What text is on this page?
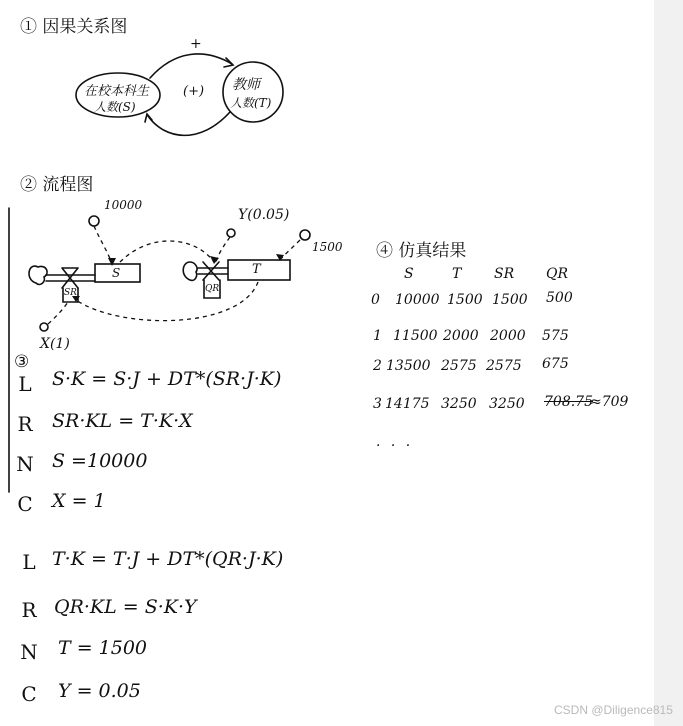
① 因果关系图
② 流程图
③
④ 仿真结果
在校本科生
人数(S)
教师
人数(T)
+
(+)
S	T
SR	QR
10000
1500
Y(0.05)
X(1)
L S·K = S·J + DT*(SR·J·K)
R SR·KL = T·K·X
N S =10000
C X = 1
L T·K = T·J + DT*(QR·J·K)
R QR·KL = S·K·Y
N T = 1500
C Y = 0.05
S	T SR QR
0 10000 1500 1500 500
1 11500 2000 2000 575
2 13500 2575 2575 675
3 14175 3250 3250 708.75
≈709
· · ·
CSDN @Diligence815
